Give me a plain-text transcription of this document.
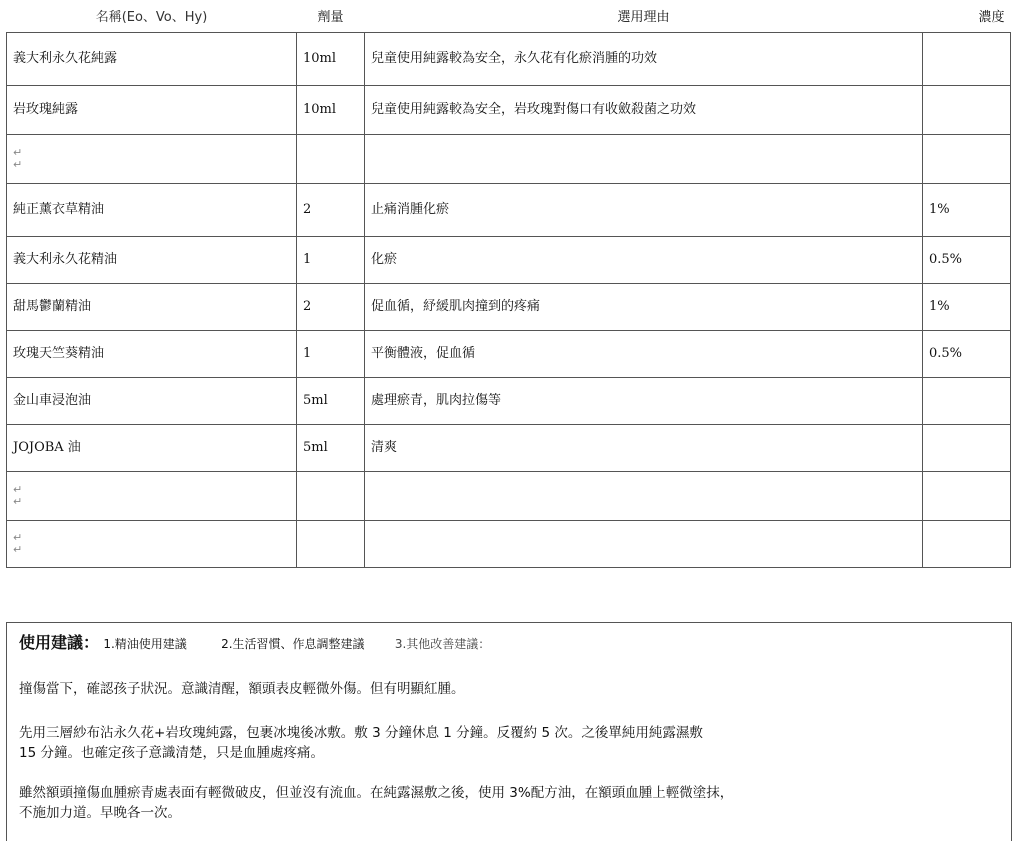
名稱(Eo、Vo、Hy)	劑量	選用理由	濃度
義大利永久花純露	10ml	兒童使用純露較為安全，永久花有化瘀消腫的功效	
岩玫瑰純露	10ml	兒童使用純露較為安全，岩玫瑰對傷口有收斂殺菌之功效	

↵
↵			

純正薰衣草精油	2	止痛消腫化瘀	1%
義大利永久花精油	1	化瘀	0.5%
甜馬鬱蘭精油	2	促血循，紓緩肌肉撞到的疼痛	1%
玫瑰天竺葵精油	1	平衡體液，促血循	0.5%
金山車浸泡油	5ml	處理瘀青，肌肉拉傷等	
JOJOBA 油	5ml	清爽	

↵
↵			

↵
↵			

使用建議： 1.精油使用建議	2.生活習慣、作息調整建議	3.其他改善建議：

撞傷當下，確認孩子狀況。意識清醒，額頭表皮輕微外傷。但有明顯紅腫。

先用三層紗布沾永久花+岩玫瑰純露，包裹冰塊後冰敷。敷 3 分鐘休息 1 分鐘。反覆約 5 次。之後單純用純露濕敷

15 分鐘。也確定孩子意識清楚，只是血腫處疼痛。

雖然額頭撞傷血腫瘀青處表面有輕微破皮，但並沒有流血。在純露濕敷之後，使用 3%配方油，在額頭血腫上輕微塗抹，

不施加力道。早晚各一次。
